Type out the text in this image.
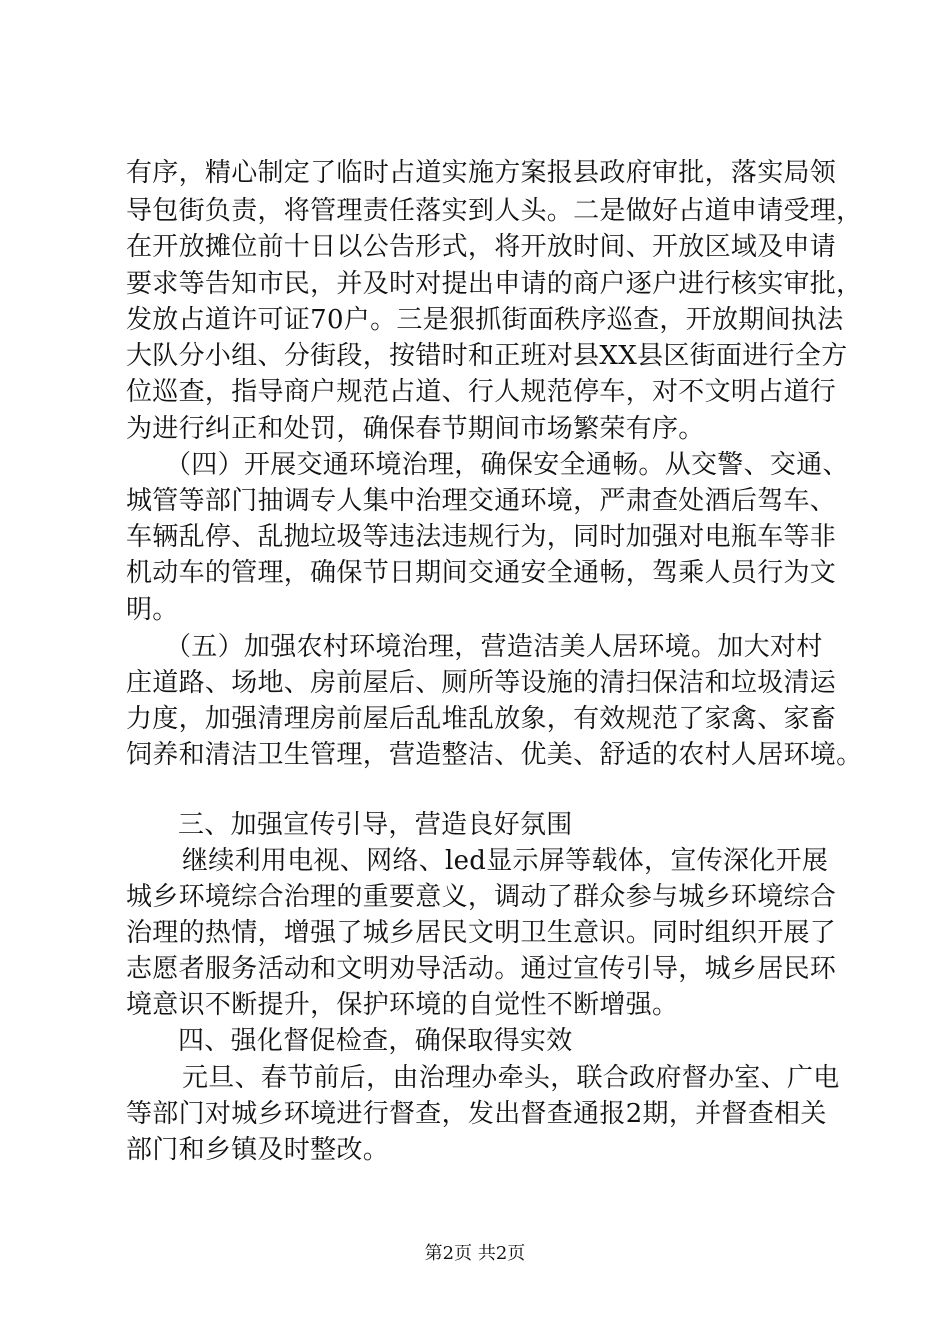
有序，精心制定了临时占道实施方案报县政府审批，落实局领
导包街负责，将管理责任落实到人头。二是做好占道申请受理，
在开放摊位前十日以公告形式，将开放时间、开放区域及申请
要求等告知市民，并及时对提出申请的商户逐户进行核实审批，
发放占道许可证70户。三是狠抓街面秩序巡查，开放期间执法
大队分小组、分街段，按错时和正班对县XX县区街面进行全方
位巡查，指导商户规范占道、行人规范停车，对不文明占道行
为进行纠正和处罚，确保春节期间市场繁荣有序。
（四）开展交通环境治理，确保安全通畅。从交警、交通、
城管等部门抽调专人集中治理交通环境，严肃查处酒后驾车、
车辆乱停、乱抛垃圾等违法违规行为，同时加强对电瓶车等非
机动车的管理，确保节日期间交通安全通畅，驾乘人员行为文
明。
（五）加强农村环境治理，营造洁美人居环境。加大对村
庄道路、场地、房前屋后、厕所等设施的清扫保洁和垃圾清运
力度，加强清理房前屋后乱堆乱放象，有效规范了家禽、家畜
饲养和清洁卫生管理，营造整洁、优美、舒适的农村人居环境。
三、加强宣传引导，营造良好氛围
继续利用电视、网络、led显示屏等载体，宣传深化开展
城乡环境综合治理的重要意义，调动了群众参与城乡环境综合
治理的热情，增强了城乡居民文明卫生意识。同时组织开展了
志愿者服务活动和文明劝导活动。通过宣传引导，城乡居民环
境意识不断提升，保护环境的自觉性不断增强。
四、强化督促检查，确保取得实效
元旦、春节前后，由治理办牵头，联合政府督办室、广电
等部门对城乡环境进行督查，发出督查通报2期，并督查相关
部门和乡镇及时整改。
第2页 共2页
